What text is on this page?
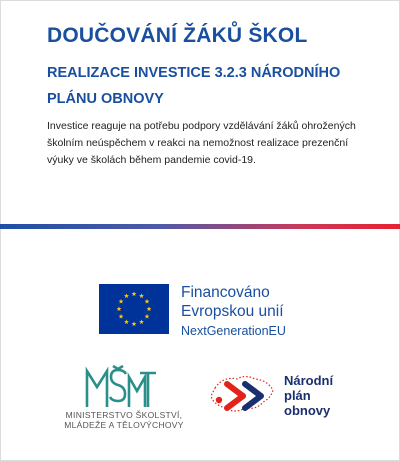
DOUČOVÁNÍ ŽÁKŮ ŠKOL
REALIZACE INVESTICE 3.2.3 NÁRODNÍHO PLÁNU OBNOVY

Investice reaguje na potřebu podpory vzdělávání žáků ohrožených školním neúspěchem v reakci na nemožnost realizace prezenční výuky ve školách během pandemie covid-19.

Financováno
Evropskou unií
NextGenerationEU
MINISTERSTVO ŠKOLSTVÍ,
MLÁDEŽE A TĚLOVÝCHOVY
Národní
plán
obnovy
